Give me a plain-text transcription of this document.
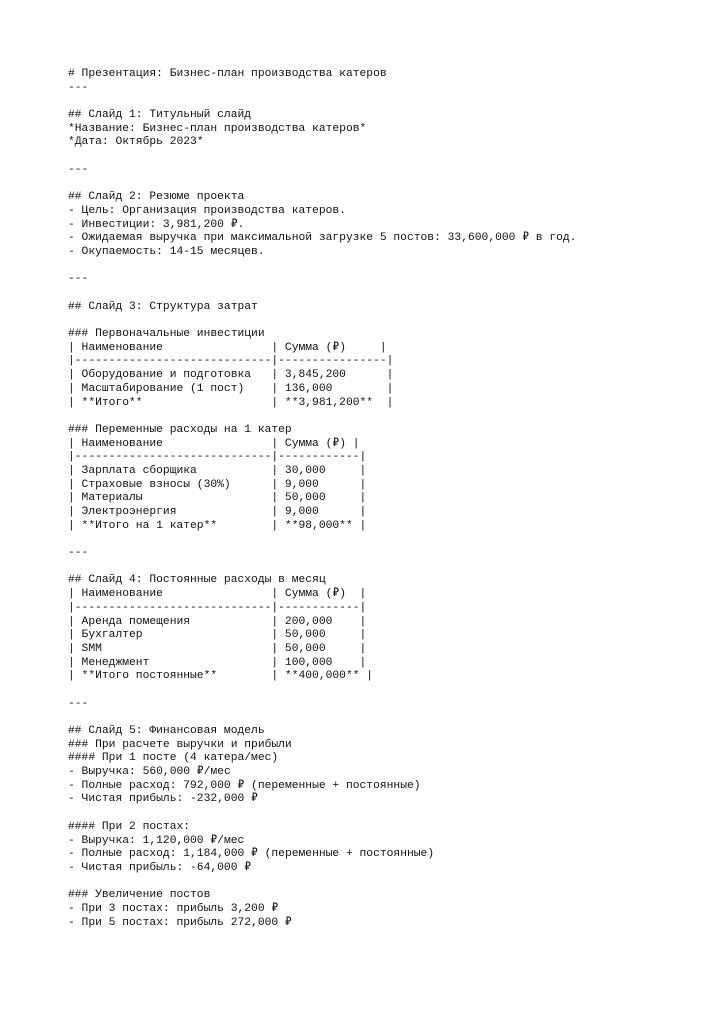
# Презентация: Бизнес-план производства катеров
---
## Слайд 1: Титульный слайд
*Название: Бизнес-план производства катеров*
*Дата: Октябрь 2023*
---
## Слайд 2: Резюме проекта
- Цель: Организация производства катеров.
- Инвестиции: 3,981,200 ₽.
- Ожидаемая выручка при максимальной загрузке 5 постов: 33,600,000 ₽ в год.
- Окупаемость: 14-15 месяцев.
---
## Слайд 3: Структура затрат
### Первоначальные инвестиции
| Наименование                | Сумма (₽)     |
|-----------------------------|----------------|
| Оборудование и подготовка   | 3,845,200      |
| Масштабирование (1 пост)    | 136,000        |
| **Итого**                   | **3,981,200**  |
### Переменные расходы на 1 катер
| Наименование                | Сумма (₽) |
|-----------------------------|------------|
| Зарплата сборщика           | 30,000     |
| Страховые взносы (30%)      | 9,000      |
| Материалы                   | 50,000     |
| Электроэнергия              | 9,000      |
| **Итого на 1 катер**        | **98,000** |
---
## Слайд 4: Постоянные расходы в месяц
| Наименование                | Сумма (₽)  |
|-----------------------------|------------|
| Аренда помещения            | 200,000    |
| Бухгалтер                   | 50,000     |
| SMM                         | 50,000     |
| Менеджмент                  | 100,000    |
| **Итого постоянные**        | **400,000** |
---
## Слайд 5: Финансовая модель
### При расчете выручки и прибыли
#### При 1 посте (4 катера/мес)
- Выручка: 560,000 ₽/мес
- Полные расход: 792,000 ₽ (переменные + постоянные)
- Чистая прибыль: -232,000 ₽
#### При 2 постах:
- Выручка: 1,120,000 ₽/мес
- Полные расход: 1,184,000 ₽ (переменные + постоянные)
- Чистая прибыль: -64,000 ₽
### Увеличение постов
- При 3 постах: прибыль 3,200 ₽
- При 5 постах: прибыль 272,000 ₽
